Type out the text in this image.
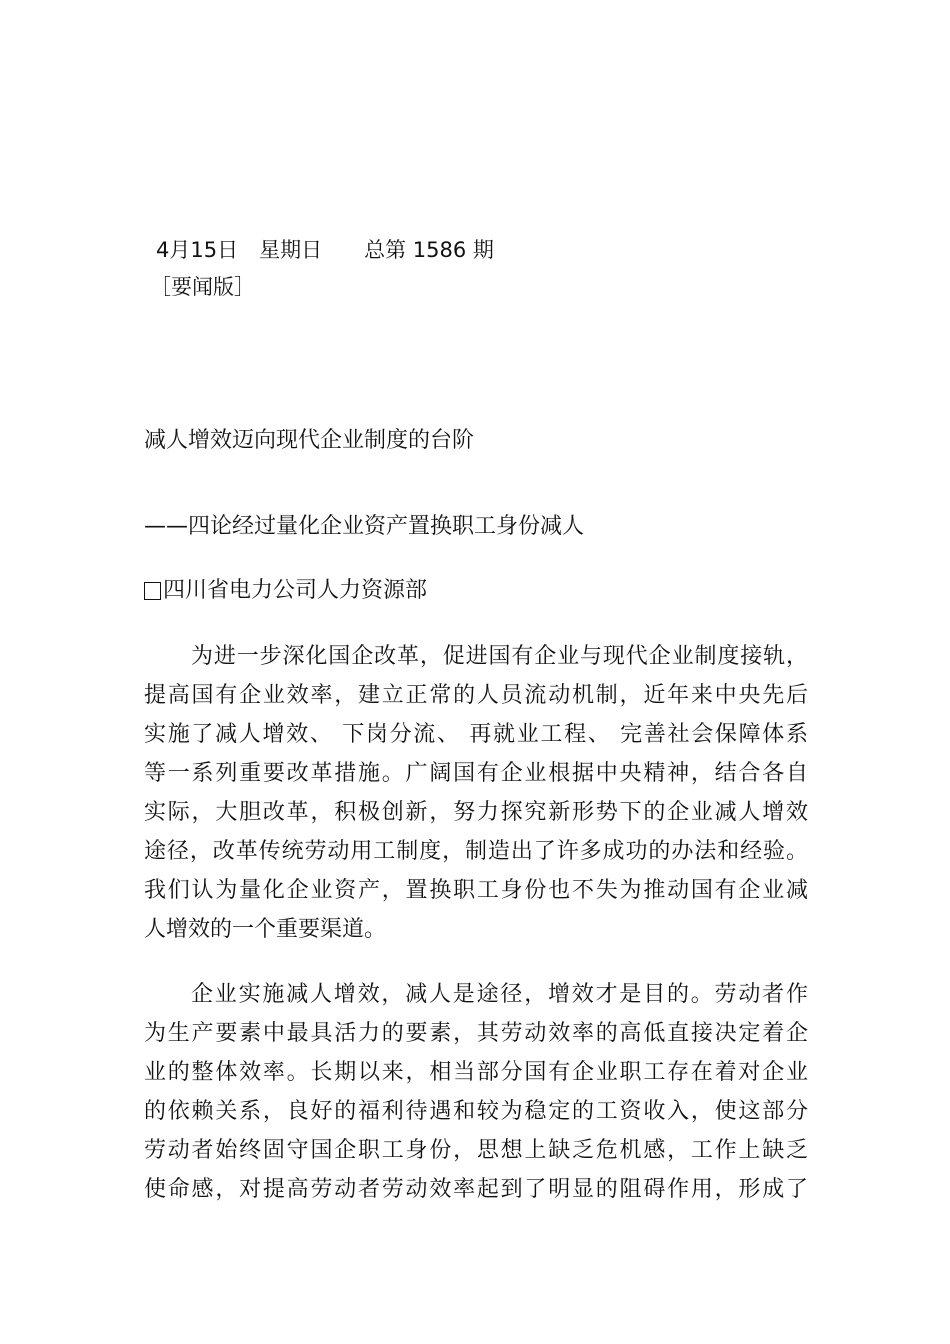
4月15日　星期日　　总第 1586 期
［要闻版］
减人增效迈向现代企业制度的台阶
——四论经过量化企业资产置换职工身份减人
四川省电力公司人力资源部
为进一步深化国企改革，促进国有企业与现代企业制度接轨，
提高国有企业效率，建立正常的人员流动机制，近年来中央先后
实施了减人增效、 下岗分流、 再就业工程、 完善社会保障体系
等一系列重要改革措施。广阔国有企业根据中央精神，结合各自
实际，大胆改革，积极创新，努力探究新形势下的企业减人增效
途径，改革传统劳动用工制度，制造出了许多成功的办法和经验。
我们认为量化企业资产，置换职工身份也不失为推动国有企业减
人增效的一个重要渠道。
企业实施减人增效，减人是途径，增效才是目的。劳动者作
为生产要素中最具活力的要素，其劳动效率的高低直接决定着企
业的整体效率。长期以来，相当部分国有企业职工存在着对企业
的依赖关系，良好的福利待遇和较为稳定的工资收入，使这部分
劳动者始终固守国企职工身份，思想上缺乏危机感，工作上缺乏
使命感，对提高劳动者劳动效率起到了明显的阻碍作用，形成了
